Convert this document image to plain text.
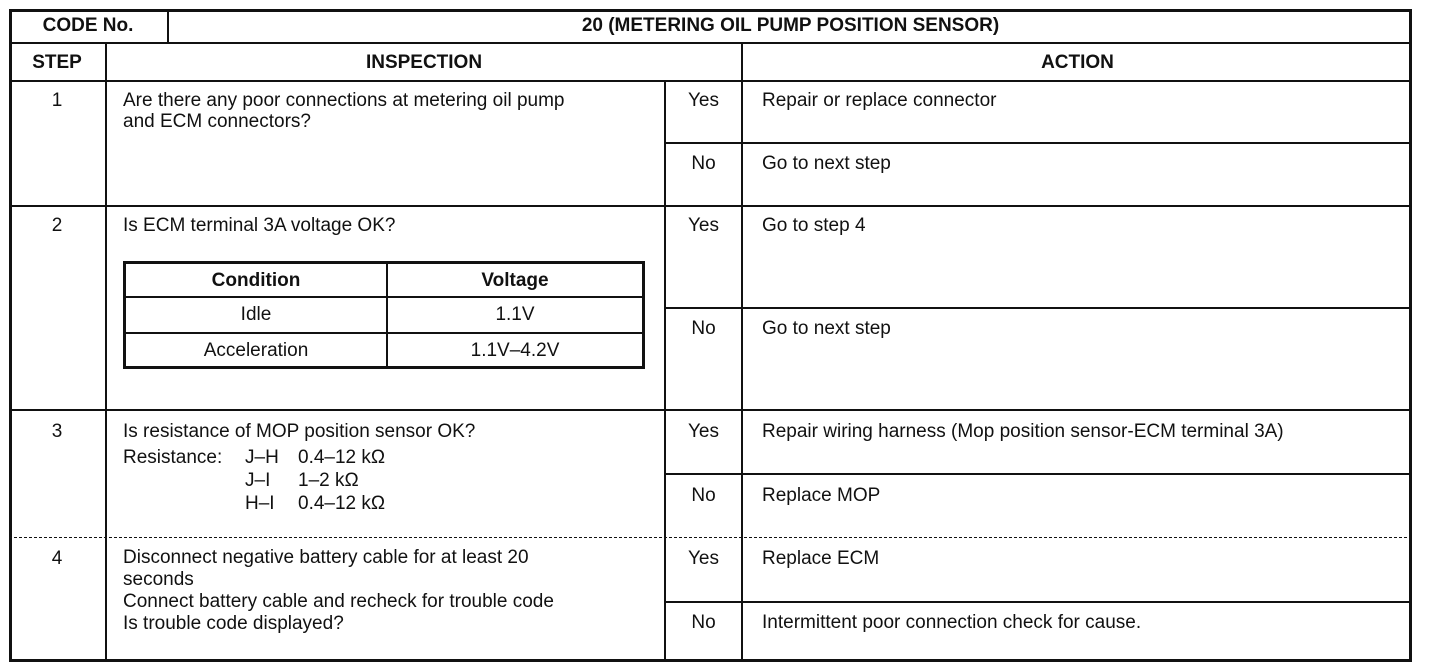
CODE No.	20 (METERING OIL PUMP POSITION SENSOR)
STEP	INSPECTION	ACTION
1	Are there any poor connections at metering oil pump
and ECM connectors?
Yes	Repair or replace connector
No	Go to next step
2	Is ECM terminal 3A voltage OK?
Condition	Voltage
Idle	1.1V
Acceleration	1.1V–4.2V
Yes	Go to step 4
No	Go to next step
3	Is resistance of MOP position sensor OK?
Resistance: J–H 0.4–12 kΩ
J–I 1–2 kΩ
H–I 0.4–12 kΩ
Yes	Repair wiring harness (Mop position sensor-ECM terminal 3A)
No	Replace MOP
4	Disconnect negative battery cable for at least 20
seconds
Connect battery cable and recheck for trouble code
Is trouble code displayed?
Yes	Replace ECM
No	Intermittent poor connection check for cause.
